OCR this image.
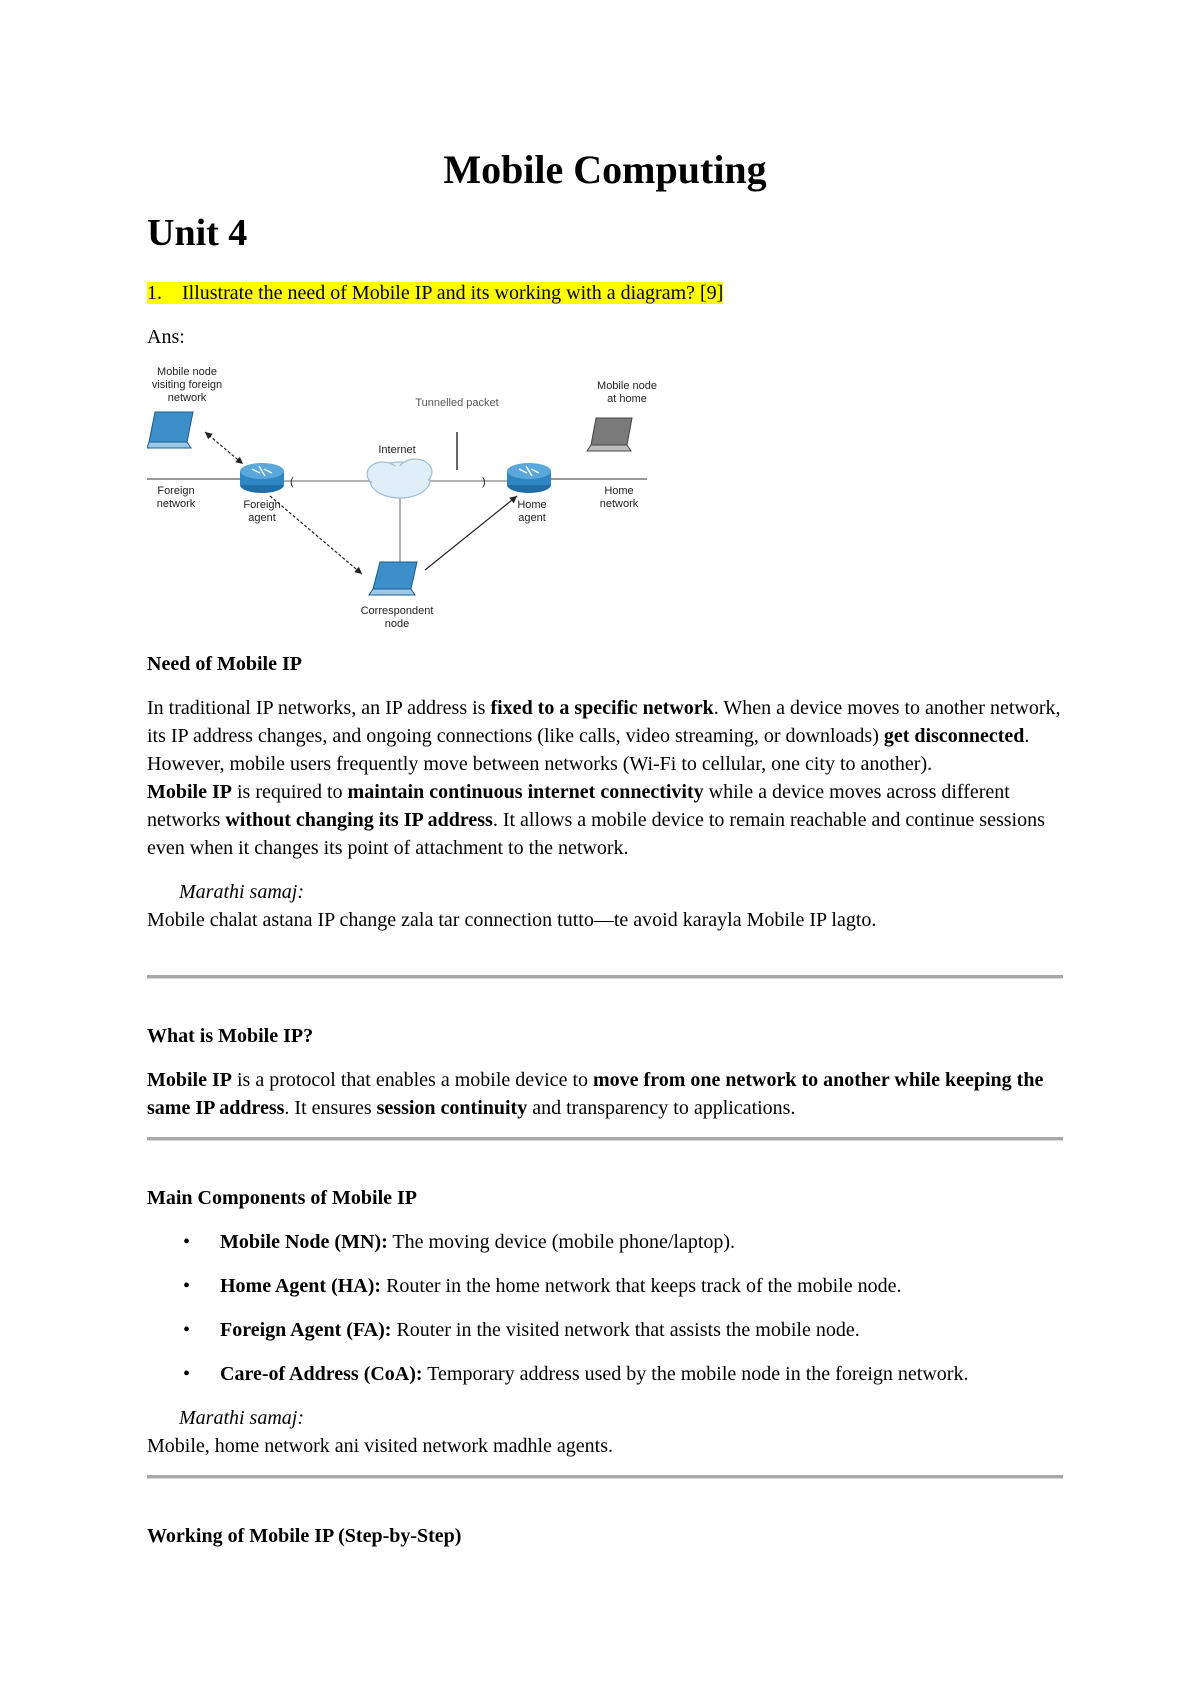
Mobile Computing
Unit 4
1. Illustrate the need of Mobile IP and its working with a diagram? [9]
Ans:
(	)
Mobile node
visiting foreign
network	Tunnelled packet
Mobile node
at home
Internet
Foreign
network	Foreign
agent
Home
agent
Home
network
Correspondent
node
Need of Mobile IP

In traditional IP networks, an IP address is fixed to a specific network. When a device moves to another network, its IP address changes, and ongoing connections (like calls, video streaming, or downloads) get disconnected. However, mobile users frequently move between networks (Wi-Fi to cellular, one city to another).

Mobile IP is required to maintain continuous internet connectivity while a device moves across different networks without changing its IP address. It allows a mobile device to remain reachable and continue sessions even when it changes its point of attachment to the network.

Marathi samaj:

Mobile chalat astana IP change zala tar connection tutto—te avoid karayla Mobile IP lagto.

What is Mobile IP?

Mobile IP is a protocol that enables a mobile device to move from one network to another while keeping the same IP address. It ensures session continuity and transparency to applications.

Main Components of Mobile IP
• Mobile Node (MN): The moving device (mobile phone/laptop).
• Home Agent (HA): Router in the home network that keeps track of the mobile node.
• Foreign Agent (FA): Router in the visited network that assists the mobile node.
• Care-of Address (CoA): Temporary address used by the mobile node in the foreign network.
Marathi samaj:

Mobile, home network ani visited network madhle agents.

Working of Mobile IP (Step-by-Step)
